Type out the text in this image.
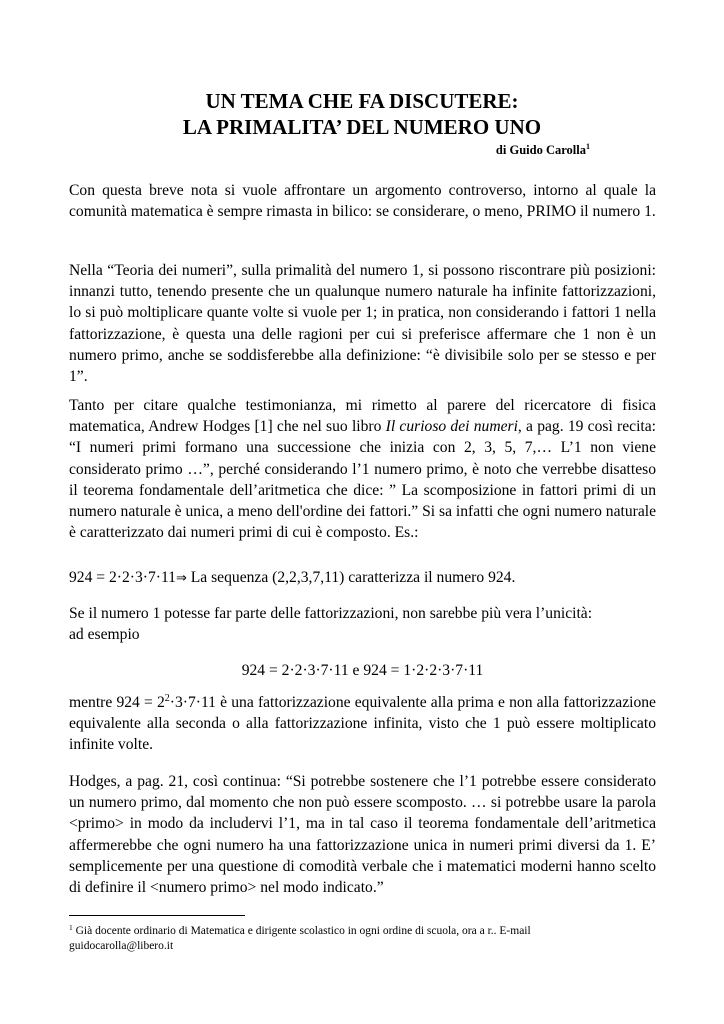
UN TEMA CHE FA DISCUTERE:
LA PRIMALITA’ DEL NUMERO UNO
di Guido Carolla$^1$

Con questa breve nota si vuole affrontare un argomento controverso, intorno al quale la comunità matematica è sempre rimasta in bilico: se considerare, o meno, PRIMO il numero 1.

Nella “Teoria dei numeri”, sulla primalità del numero 1, si possono riscontrare più posizioni: innanzi tutto, tenendo presente che un qualunque numero naturale ha infinite fattorizzazioni, lo si può moltiplicare quante volte si vuole per 1; in pratica, non considerando i fattori 1 nella fattorizzazione, è questa una delle ragioni per cui si preferisce affermare che 1 non è un numero primo, anche se soddisferebbe alla definizione: “è divisibile solo per se stesso e per 1”.

Tanto per citare qualche testimonianza, mi rimetto al parere del ricercatore di fisica matematica, Andrew Hodges [1] che nel suo libro Il curioso dei numeri, a pag. 19 così recita: “I numeri primi formano una successione che inizia con 2, 3, 5, 7,… L’1 non viene considerato primo …”, perché considerando l’1 numero primo, è noto che verrebbe disatteso il teorema fondamentale dell’aritmetica che dice: ” La scomposizione in fattori primi di un numero naturale è unica, a meno dell'ordine dei fattori.” Si sa infatti che ogni numero naturale è caratterizzato dai numeri primi di cui è composto. Es.:

924 = 2·2·3·7·11⇒ La sequenza (2,2,3,7,11) caratterizza il numero 924.

Se il numero 1 potesse far parte delle fattorizzazioni, non sarebbe più vera l’unicità:
ad esempio

924 = 2·2·3·7·11 e 924 = 1·2·2·3·7·11

mentre $924 = 2^2\cdot 3\cdot 7\cdot 11$ è una fattorizzazione equivalente alla prima e non alla fattorizzazione equivalente alla seconda o alla fattorizzazione infinita, visto che 1 può essere moltiplicato infinite volte.

Hodges, a pag. 21, così continua: “Si potrebbe sostenere che l’1 potrebbe essere considerato un numero primo, dal momento che non può essere scomposto. … si potrebbe usare la parola <primo> in modo da includervi l’1, ma in tal caso il teorema fondamentale dell’aritmetica affermerebbe che ogni numero ha una fattorizzazione unica in numeri primi diversi da 1. E’ semplicemente per una questione di comodità verbale che i matematici moderni hanno scelto di definire il <numero primo> nel modo indicato.”

$^1$ Già docente ordinario di Matematica e dirigente scolastico in ogni ordine di scuola, ora a r.. E-mail
guidocarolla@libero.it
